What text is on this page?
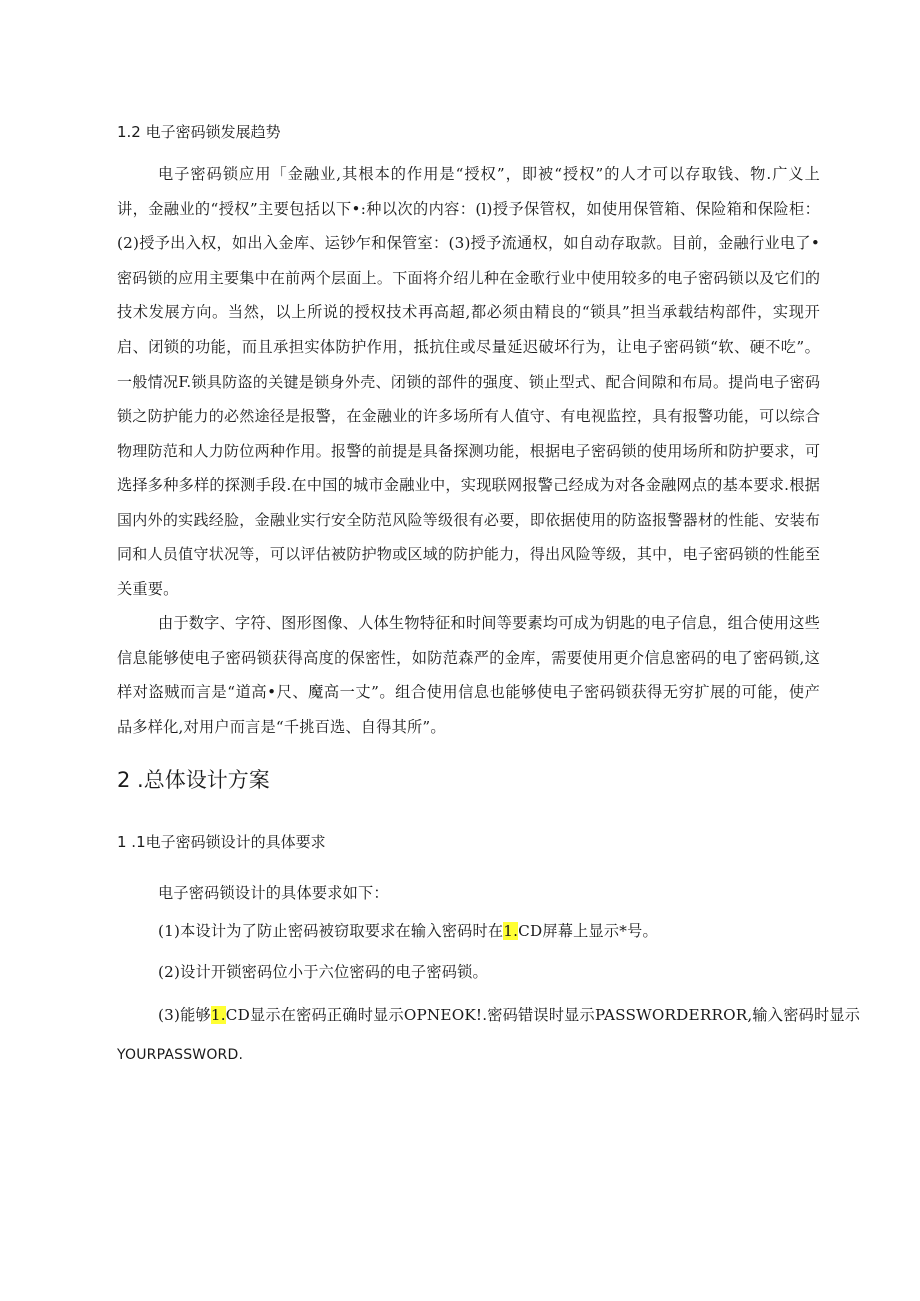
1.2 电子密码锁发展趋势
电子密码锁应用「金融业,其根本的作用是“授权”，即被“授权”的人才可以存取钱、物.广义上
讲，金融业的“授权”主要包括以下•:种以次的内容：(l)授予保管权，如使用保管箱、保险箱和保险柜：
(2)授予出入权，如出入金库、运钞乍和保管室：(3)授予流通权，如自动存取款。目前，金融行业电了•
密码锁的应用主要集中在前两个层面上。下面将介绍儿种在金歌行业中使用较多的电子密码锁以及它们的
技术发展方向。当然，以上所说的授权技术再高超,都必须由精良的“锁具”担当承载结构部件，实现开
启、闭锁的功能，而且承担实体防护作用，抵抗住或尽量延迟破坏行为，让电子密码锁“软、硬不吃”。
一般情况F.锁具防盗的关键是锁身外壳、闭锁的部件的强度、锁止型式、配合间隙和布局。提尚电子密码
锁之防护能力的必然途径是报警，在金融业的许多场所有人值守、有电视监控，具有报警功能，可以综合
物理防范和人力防位两种作用。报警的前提是具备探测功能，根据电子密码锁的使用场所和防护要求，可
选择多种多样的探测手段.在中国的城市金融业中，实现联网报警己经成为对各金融网点的基本要求.根据
国内外的实践经脸，金融业实行安全防范风险等级很有必要，即依据使用的防盗报警器材的性能、安装布
同和人员值守状况等，可以评估被防护物或区域的防护能力，得出风险等级，其中，电子密码锁的性能至
关重要。
由于数字、字符、图形图像、人体生物特征和时间等要素均可成为钥匙的电子信息，组合使用这些
信息能够使电子密码锁获得高度的保密性，如防范森严的金库，需要使用更介信息密码的电了密码锁,这
样对盗贼而言是“道高•尺、魔高一丈”。组合使用信息也能够使电子密码锁获得无穷扩展的可能，使产
品多样化,对用户而言是“千挑百选、自得其所”。
2 .总体设计方案
1 .1电子密码锁设计的具体要求
电子密码锁设计的具体要求如下：
(1)本设计为了防止密码被窃取要求在输入密码时在1.CD屏幕上显示*号。
(2)设计开锁密码位小于六位密码的电子密码锁。
(3)能够1.CD显示在密码正确时显示OPNEOK!.密码错误时显示PASSWORDERROR,输入密码时显示
YOURPASSWORD.
